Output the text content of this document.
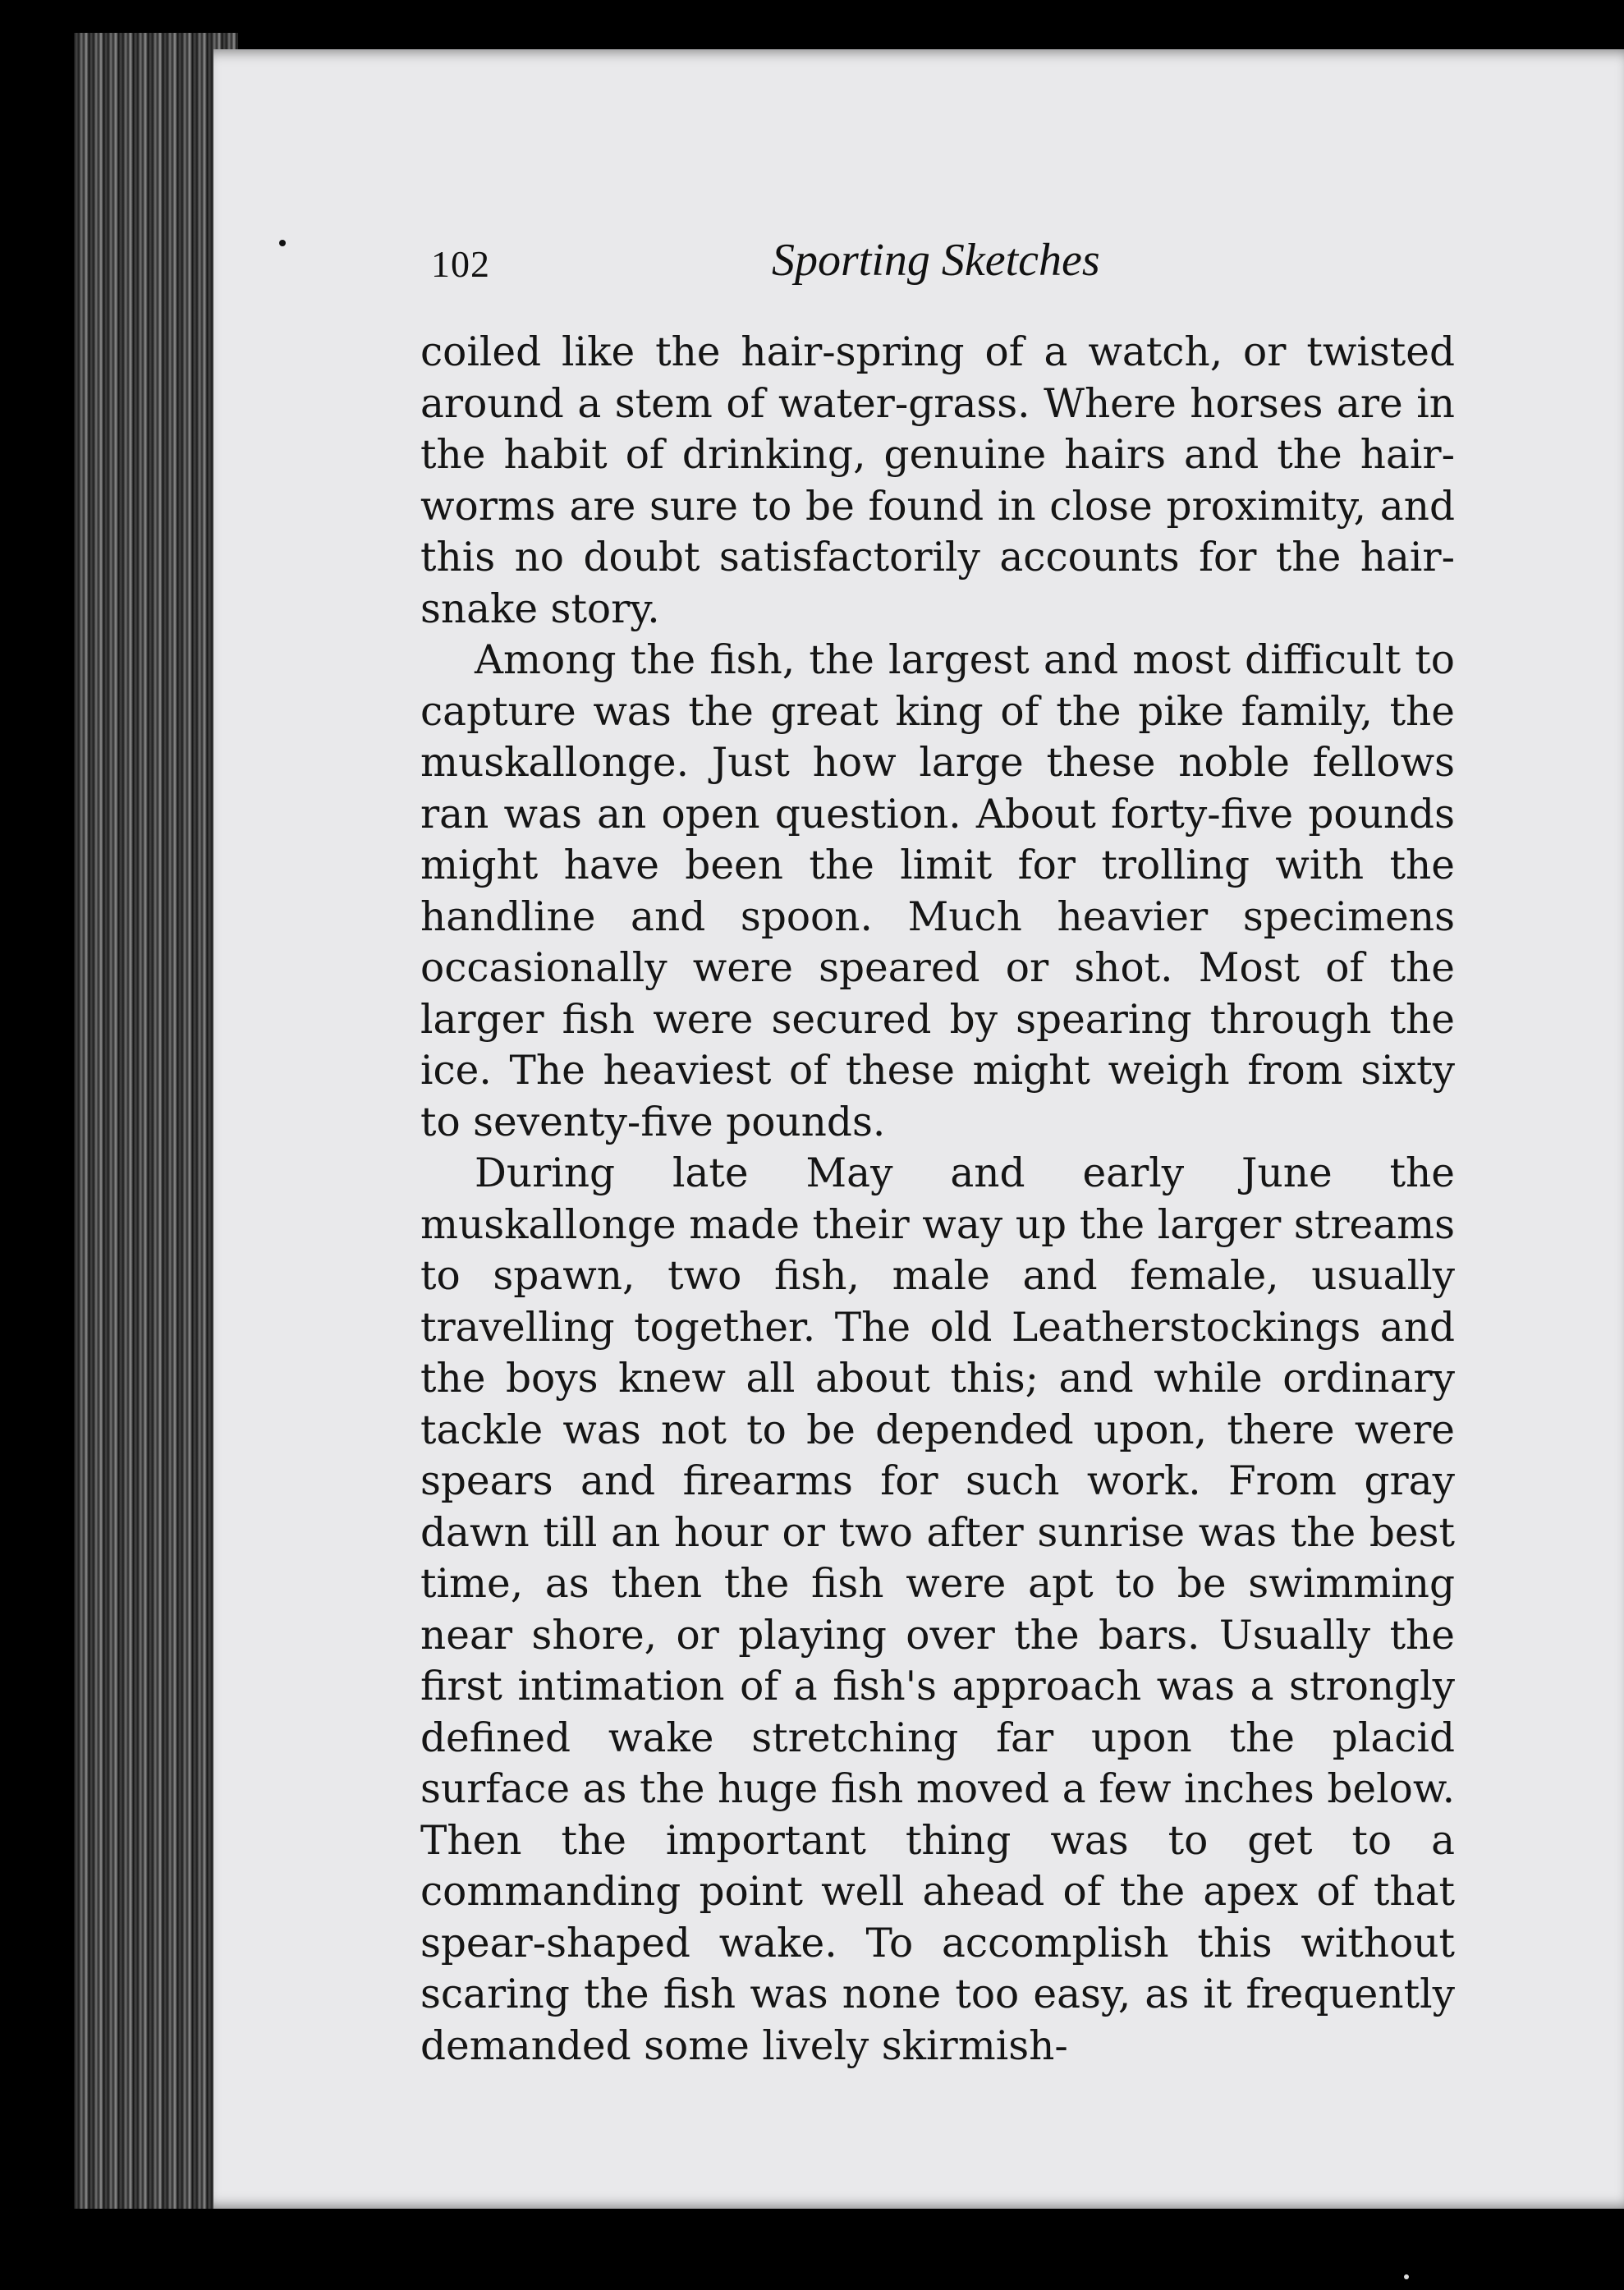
102	Sporting Sketches

coiled like the hair-spring of a watch, or twisted around a stem of water-grass. Where horses are in the habit of drinking, genuine hairs and the hair-worms are sure to be found in close proximity, and this no doubt satisfactorily accounts for the hair-snake story.

Among the fish, the largest and most difficult to capture was the great king of the pike family, the muskallonge. Just how large these noble fellows ran was an open question. About forty-five pounds might have been the limit for trolling with the handline and spoon. Much heavier specimens occasionally were speared or shot. Most of the larger fish were secured by spearing through the ice. The heaviest of these might weigh from sixty to seventy-five pounds.

During late May and early June the muskallonge made their way up the larger streams to spawn, two fish, male and female, usually travelling together. The old Leatherstockings and the boys knew all about this; and while ordinary tackle was not to be depended upon, there were spears and firearms for such work. From gray dawn till an hour or two after sunrise was the best time, as then the fish were apt to be swimming near shore, or playing over the bars. Usually the first intimation of a fish's approach was a strongly defined wake stretching far upon the placid surface as the huge fish moved a few inches below. Then the important thing was to get to a commanding point well ahead of the apex of that spear-shaped wake. To accomplish this without scaring the fish was none too easy, as it frequently demanded some lively skirmish-
